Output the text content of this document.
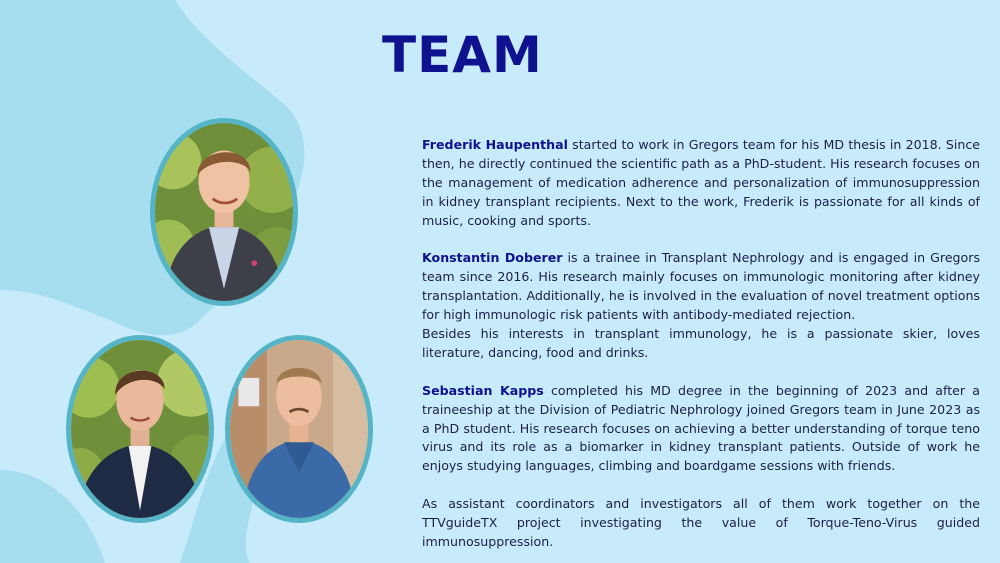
TEAM

Frederik Haupenthal started to work in Gregors team for his MD thesis in 2018. Since then, he directly continued the scientific path as a PhD-student. His research focuses on the management of medication adherence and personalization of immunosuppression in kidney transplant recipients. Next to the work, Frederik is passionate for all kinds of music, cooking and sports.

Konstantin Doberer is a trainee in Transplant Nephrology and is engaged in Gregors team since 2016. His research mainly focuses on immunologic monitoring after kidney transplantation. Additionally, he is involved in the evaluation of novel treatment options for high immunologic risk patients with antibody-mediated rejection.

Besides his interests in transplant immunology, he is a passionate skier, loves literature, dancing, food and drinks.

Sebastian Kapps completed his MD degree in the beginning of 2023 and after a traineeship at the Division of Pediatric Nephrology joined Gregors team in June 2023 as a PhD student. His research focuses on achieving a better understanding of torque teno virus and its role as a biomarker in kidney transplant patients. Outside of work he enjoys studying languages, climbing and boardgame sessions with friends.

As assistant coordinators and investigators all of them work together on the TTVguideTX project investigating the value of Torque-Teno-Virus guided immunosuppression.
